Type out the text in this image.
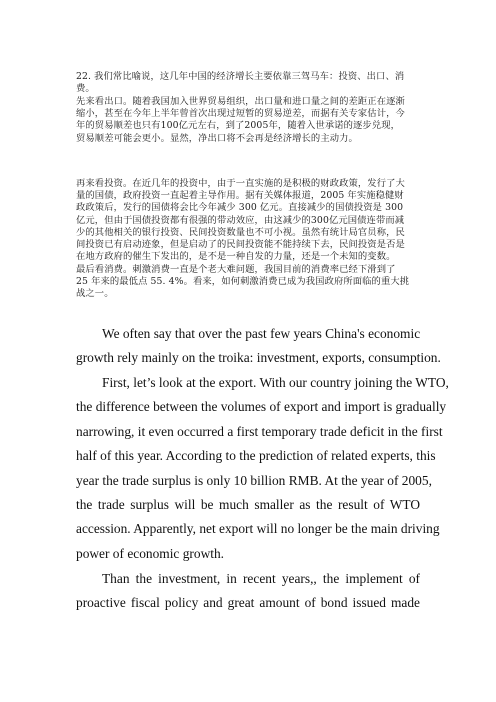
22. 我们常比喻说，这几年中国的经济增长主要依靠三驾马车：投资、出口、消
费。
先来看出口。随着我国加入世界贸易组织，出口量和进口量之间的差距正在逐渐
缩小，甚至在今年上半年曾首次出现过短暂的贸易逆差，而据有关专家估计，今
年的贸易顺差也只有100亿元左右，到了2005年，随着入世承诺的逐步兑现，
贸易顺差可能会更小。显然，净出口将不会再是经济增长的主动力。
再来看投资。在近几年的投资中，由于一直实施的是积极的财政政策，发行了大
量的国债，政府投资一直起着主导作用。据有关媒体报道，2005 年实施稳健财
政政策后，发行的国债将会比今年减少 300 亿元。直接减少的国债投资是 300
亿元，但由于国债投资都有很强的带动效应，由这减少的300亿元国债连带而减
少的其他相关的银行投资、民间投资数量也不可小视。虽然有统计局官员称，民
间投资已有启动迹象，但是启动了的民间投资能不能持续下去，民间投资是否是
在地方政府的催生下发出的，是不是一种自发的力量，还是一个未知的变数。
最后看消费。刺激消费一直是个老大难问题，我国目前的消费率已经下滑到了
25 年来的最低点 55. 4%。看来，如何刺激消费已成为我国政府所面临的重大挑
战之一。
We often say that over the past few years China's economic
growth rely mainly on the troika: investment, exports, consumption.
First, let’s look at the export. With our country joining the WTO,
the difference between the volumes of export and import is gradually
narrowing, it even occurred a first temporary trade deficit in the first
half of this year. According to the prediction of related experts, this
year the trade surplus is only 10 billion RMB. At the year of 2005,
the trade surplus will be much smaller as the result of WTO
accession. Apparently, net export will no longer be the main driving
power of economic growth.
Than the investment, in recent years,, the implement of
proactive fiscal policy and great amount of bond issued made
